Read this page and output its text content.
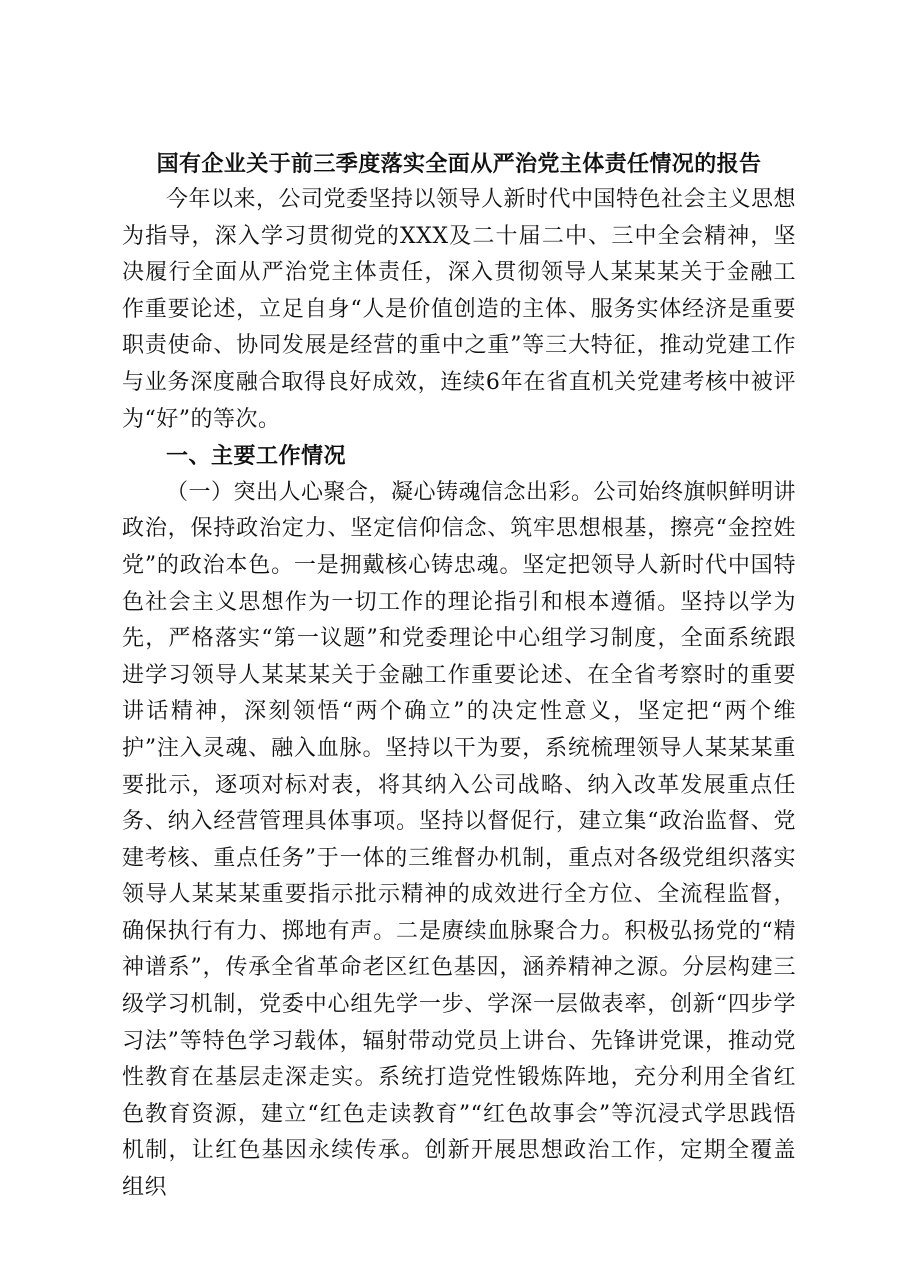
国有企业关于前三季度落实全面从严治党主体责任情况的报告

今年以来，公司党委坚持以领导人新时代中国特色社会主义思想为指导，深入学习贯彻党的XXX及二十届二中、三中全会精神，坚决履行全面从严治党主体责任，深入贯彻领导人某某某关于金融工作重要论述，立足自身“人是价值创造的主体、服务实体经济是重要职责使命、协同发展是经营的重中之重”等三大特征，推动党建工作与业务深度融合取得良好成效，连续6年在省直机关党建考核中被评为“好”的等次。

一、主要工作情况

（一）突出人心聚合，凝心铸魂信念出彩。公司始终旗帜鲜明讲政治，保持政治定力、坚定信仰信念、筑牢思想根基，擦亮“金控姓党”的政治本色。一是拥戴核心铸忠魂。坚定把领导人新时代中国特色社会主义思想作为一切工作的理论指引和根本遵循。坚持以学为先，严格落实“第一议题”和党委理论中心组学习制度，全面系统跟进学习领导人某某某关于金融工作重要论述、在全省考察时的重要讲话精神，深刻领悟“两个确立”的决定性意义，坚定把“两个维护”注入灵魂、融入血脉。坚持以干为要，系统梳理领导人某某某重要批示，逐项对标对表，将其纳入公司战略、纳入改革发展重点任务、纳入经营管理具体事项。坚持以督促行，建立集“政治监督、党建考核、重点任务”于一体的三维督办机制，重点对各级党组织落实领导人某某某重要指示批示精神的成效进行全方位、全流程监督，确保执行有力、掷地有声。二是赓续血脉聚合力。积极弘扬党的“精神谱系”，传承全省革命老区红色基因，涵养精神之源。分层构建三级学习机制，党委中心组先学一步、学深一层做表率，创新“四步学习法”等特色学习载体，辐射带动党员上讲台、先锋讲党课，推动党性教育在基层走深走实。系统打造党性锻炼阵地，充分利用全省红色教育资源，建立“红色走读教育”“红色故事会”等沉浸式学思践悟机制，让红色基因永续传承。创新开展思想政治工作，定期全覆盖组织
